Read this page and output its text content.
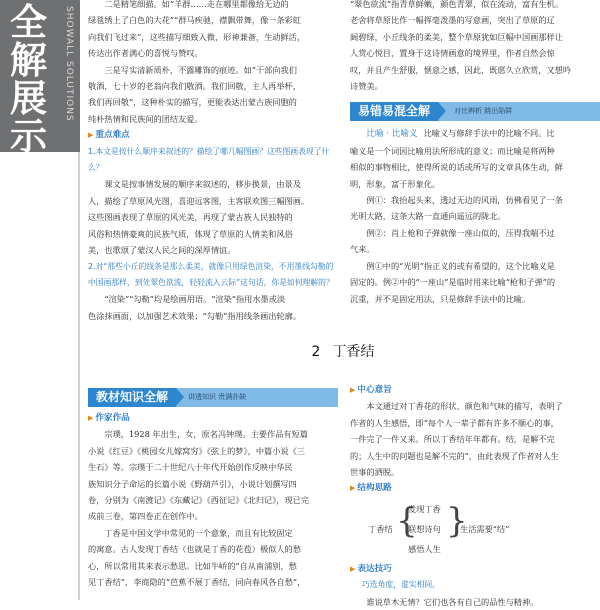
全
解
展
示
SHOWALL SOLUTIONS

二是精笔细描。如“羊群……走在哪里都像给无边的

绿毯绣上了白色的大花”“群马疾驰，襟飘带舞，像一条彩虹

向我们飞过来”，这些描写细致入微，形神兼备，生动鲜活，

传达出作者满心的喜悦与赞叹。

三是写实清新质朴，不露雕饰的痕迹。如“干部向我们

敬酒，七十岁的老翁向我们敬酒。我们回敬，主人再举杯，

我们再回敬”，这种朴实的描写，更能表达出蒙古族同胞的

纯朴热情和民族间的团结友爱。

▶ 重点难点
1.本文是按什么顺序来叙述的？描绘了哪几幅图画？这些图画表现了什么？

课文是按事情发展的顺序来叙述的，移步换景，由景及

人，描绘了草原风光图，喜迎远客图，主客联欢图三幅图画。

这些图画表现了草原的风光美，再现了蒙古族人民独特的

风俗和热情豪爽的民族气质，体现了草原的人情美和风俗

美，也歌颂了蒙汉人民之间的深厚情谊。

2.对“那些小丘的线条是那么柔美，就像只用绿色渲染，不用墨线勾勒的中国画那样，到处翠色欲流，轻轻流入云际”这句话，你是如何理解的？

“渲染”“勾勒”均是绘画用语。“渲染”指用水墨或淡

色涂抹画面，以加强艺术效果；“勾勒”指用线条画出轮廓。

“翠色欲流”指青草鲜嫩，颜色青翠，似在流动，富有生机。

老舍将草原比作一幅挥毫泼墨的写意画，突出了草原的辽

阔碧绿，小丘线条的柔美，整个草原犹如巨幅中国画那样让

人赏心悦目，置身于这诗情画意的境界里，作者自然会惊

叹，并且产生舒服，惬意之感，因此，既愿久立欣赏，又想吟

诗赞美。

易错易混全解	对比辨析 跳出陷阱

比喻 · 比喻义 比喻义与修辞手法中的比喻不同。比

喻义是一个词因比喻用法所形成的意义；而比喻是将两种

相似的事物相比，使得所说的话或所写的文章具体生动，鲜

明，形象，富于形象化。

例①：我抬起头来，透过无边的风雨，仿佛看见了一条

光明大路，这条大路一直通向遥远的陇北。

例②：肖上枪和子弹就像一座山似的，压得我喘不过

气来。

例①中的“光明”指正义的或有希望的，这个比喻义是

固定的。例②中的“一座山”是临时用来比喻“枪和子弹”的

沉重，并不是固定用法，只是修辞手法中的比喻。

2 丁香结
教材知识全解	讲透知识 贵满扑缺
▶ 作家作品

宗璞，1928 年出生，女，原名冯钟璞。主要作品有短篇

小说《红豆》《桃园女儿嫁窝穷》《弦上的梦》，中篇小说《三

生石》等。宗璞于二十世纪八十年代开始创作反映中华民

族知识分子命运的长篇小说《野葫芦引》，小说计划撰写四

卷，分别为《南渡记》《东藏记》《西征记》《北归记》，现已完

成前三卷，第四卷正在创作中。

丁香是中国文学中常见的一个意象，而且有比较固定

的寓意。古人发现丁香结（也就是丁香的花苞）极似人的愁

心，所以常用其来表示愁思。比如牛峤的“自从南浦别，愁

见丁香结”，李商隐的“芭蕉不展丁香结，同向春风各自愁”，

▶ 中心意旨

本文通过对丁香花的形状、颜色和气味的描写，表明了

作者的人生感悟，即“每个人一辈子都有许多不顺心的事，

一件完了一件又来。所以丁香结年年都有。结，是解不完

的；人生中的问题也是解不完的”，由此表现了作者对人生

世事的洒脱。

▶ 结构思路
丁香结 {
发现丁香
联想诗句
感悟人生
}
生活需要“结”
▶ 表达技巧
巧选角度，虚实相间。

谁说草木无情？它们也各有自己的品性与精神。
